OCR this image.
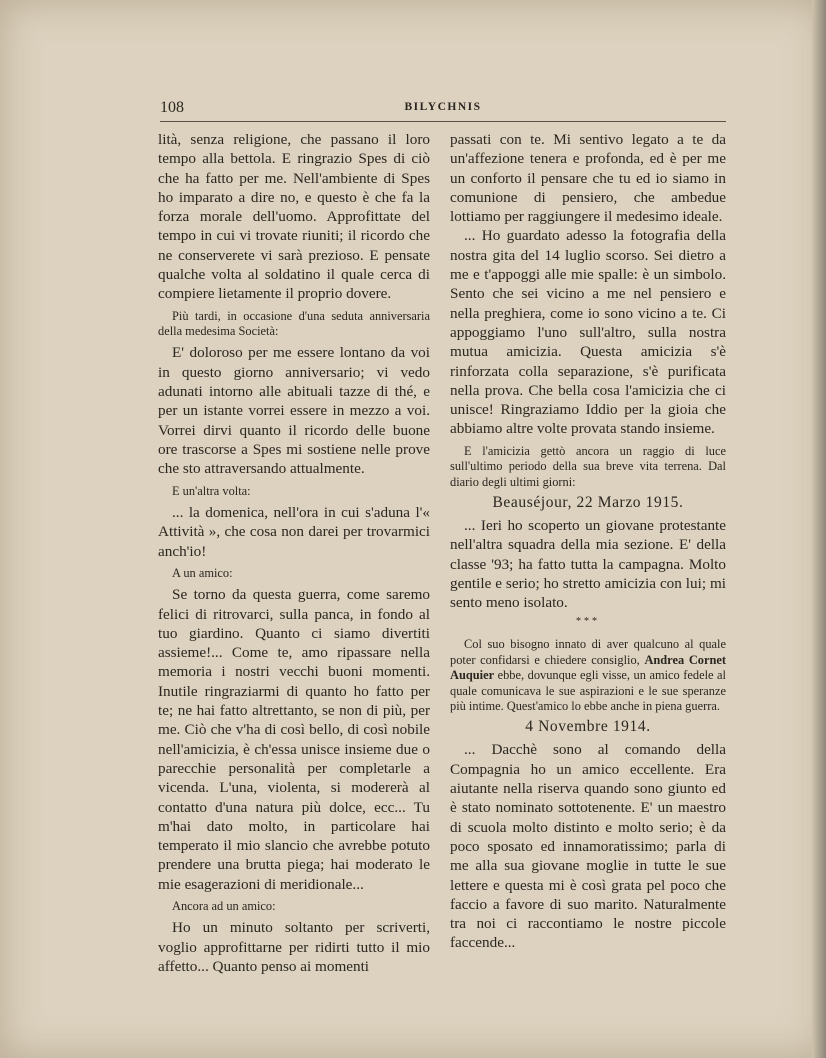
108	BILYCHNIS

lità, senza religione, che passano il loro tempo alla bettola. E ringrazio Spes di ciò che ha fatto per me. Nell'ambiente di Spes ho imparato a dire no, e questo è che fa la forza morale dell'uomo. Approfittate del tempo in cui vi trovate riuniti; il ricordo che ne conserverete vi sarà prezioso. E pensate qualche volta al soldatino il quale cerca di compiere lietamente il proprio dovere.

Più tardi, in occasione d'una seduta anniversaria della medesima Società:

E' doloroso per me essere lontano da voi in questo giorno anniversario; vi vedo adunati intorno alle abituali tazze di thé, e per un istante vorrei essere in mezzo a voi. Vorrei dirvi quanto il ricordo delle buone ore trascorse a Spes mi sostiene nelle prove che sto attraversando attualmente.

E un'altra volta:

... la domenica, nell'ora in cui s'aduna l'« Attività », che cosa non darei per trovarmici anch'io!

A un amico:

Se torno da questa guerra, come saremo felici di ritrovarci, sulla panca, in fondo al tuo giardino. Quanto ci siamo divertiti assieme!... Come te, amo ripassare nella memoria i nostri vecchi buoni momenti. Inutile ringraziarmi di quanto ho fatto per te; ne hai fatto altrettanto, se non di più, per me. Ciò che v'ha di così bello, di così nobile nell'amicizia, è ch'essa unisce insieme due o parecchie personalità per completarle a vicenda. L'una, violenta, si modererà al contatto d'una natura più dolce, ecc... Tu m'hai dato molto, in particolare hai temperato il mio slancio che avrebbe potuto prendere una brutta piega; hai moderato le mie esagerazioni di meridionale...

Ancora ad un amico:

Ho un minuto soltanto per scriverti, voglio approfittarne per ridirti tutto il mio affetto... Quanto penso ai momenti

passati con te. Mi sentivo legato a te da un'affezione tenera e profonda, ed è per me un conforto il pensare che tu ed io siamo in comunione di pensiero, che ambedue lottiamo per raggiungere il medesimo ideale.

... Ho guardato adesso la fotografia della nostra gita del 14 luglio scorso. Sei dietro a me e t'appoggi alle mie spalle: è un simbolo. Sento che sei vicino a me nel pensiero e nella preghiera, come io sono vicino a te. Ci appoggiamo l'uno sull'altro, sulla nostra mutua amicizia. Questa amicizia s'è rinforzata colla separazione, s'è purificata nella prova. Che bella cosa l'amicizia che ci unisce! Ringraziamo Iddio per la gioia che abbiamo altre volte provata stando insieme.

E l'amicizia gettò ancora un raggio di luce sull'ultimo periodo della sua breve vita terrena. Dal diario degli ultimi giorni:

Beauséjour, 22 Marzo 1915.

... Ieri ho scoperto un giovane protestante nell'altra squadra della mia sezione. E' della classe '93; ha fatto tutta la campagna. Molto gentile e serio; ho stretto amicizia con lui; mi sento meno isolato.

***

Col suo bisogno innato di aver qualcuno al quale poter confidarsi e chiedere consiglio, Andrea Cornet Auquier ebbe, dovunque egli visse, un amico fedele al quale comunicava le sue aspirazioni e le sue speranze più intime. Quest'amico lo ebbe anche in piena guerra.

4 Novembre 1914.

... Dacchè sono al comando della Compagnia ho un amico eccellente. Era aiutante nella riserva quando sono giunto ed è stato nominato sottotenente. E' un maestro di scuola molto distinto e molto serio; è da poco sposato ed innamoratissimo; parla di me alla sua giovane moglie in tutte le sue lettere e questa mi è così grata pel poco che faccio a favore di suo marito. Naturalmente tra noi ci raccontiamo le nostre piccole faccende...
